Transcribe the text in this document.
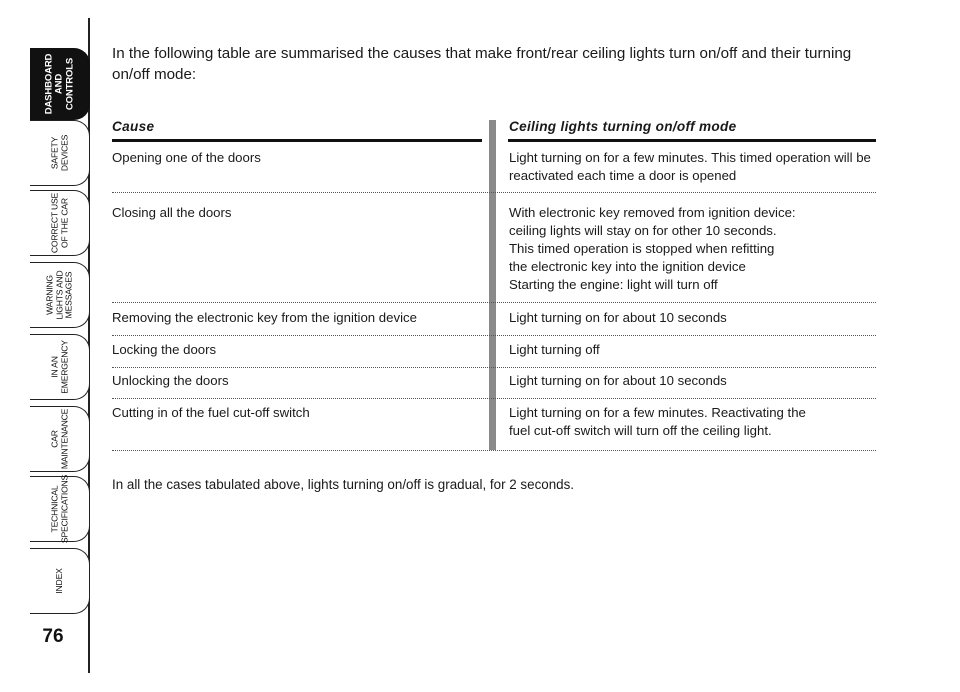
DASHBOARD
AND
CONTROLS
SAFETY
DEVICES
CORRECT USE
OF THE CAR
WARNING
LIGHTS AND
MESSAGES
IN AN
EMERGENCY
CAR
MAINTENANCE
TECHNICAL
SPECIFICATIONS
INDEX
76
In the following table are summarised the causes that make front/rear ceiling lights turn on/off and their turning on/off mode:
Cause	Ceiling lights turning on/off mode
Opening one of the doors	Light turning on for a few minutes. This timed operation will be
reactivated each time a door is opened
Closing all the doors	With electronic key removed from ignition device:
ceiling lights will stay on for other 10 seconds.
This timed operation is stopped when refitting
the electronic key into the ignition device
Starting the engine: light will turn off
Removing the electronic key from the ignition device	Light turning on for about 10 seconds
Locking the doors	Light turning off
Unlocking the doors	Light turning on for about 10 seconds
Cutting in of the fuel cut-off switch	Light turning on for a few minutes. Reactivating the
fuel cut-off switch will turn off the ceiling light.
In all the cases tabulated above, lights turning on/off is gradual, for 2 seconds.
